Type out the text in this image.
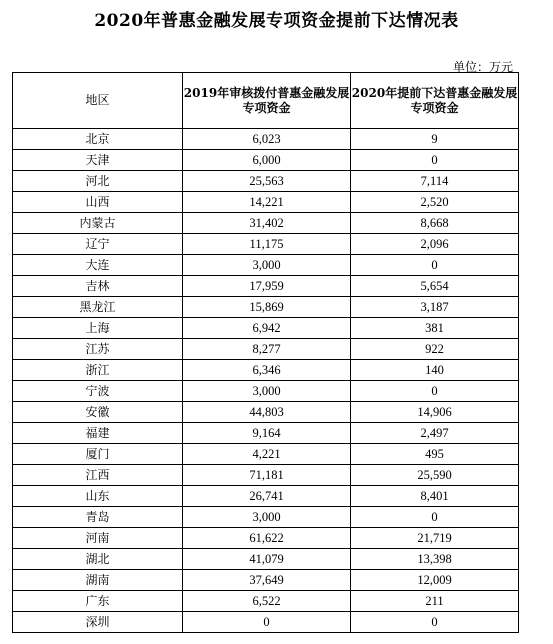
2020年普惠金融发展专项资金提前下达情况表
单位：万元
地区	2019年审核拨付普惠金融发展专项资金	2020年提前下达普惠金融发展专项资金
北京	6,023	9
天津	6,000	0
河北	25,563	7,114
山西	14,221	2,520
内蒙古	31,402	8,668
辽宁	11,175	2,096
大连	3,000	0
吉林	17,959	5,654
黑龙江	15,869	3,187
上海	6,942	381
江苏	8,277	922
浙江	6,346	140
宁波	3,000	0
安徽	44,803	14,906
福建	9,164	2,497
厦门	4,221	495
江西	71,181	25,590
山东	26,741	8,401
青岛	3,000	0
河南	61,622	21,719
湖北	41,079	13,398
湖南	37,649	12,009
广东	6,522	211
深圳	0	0
